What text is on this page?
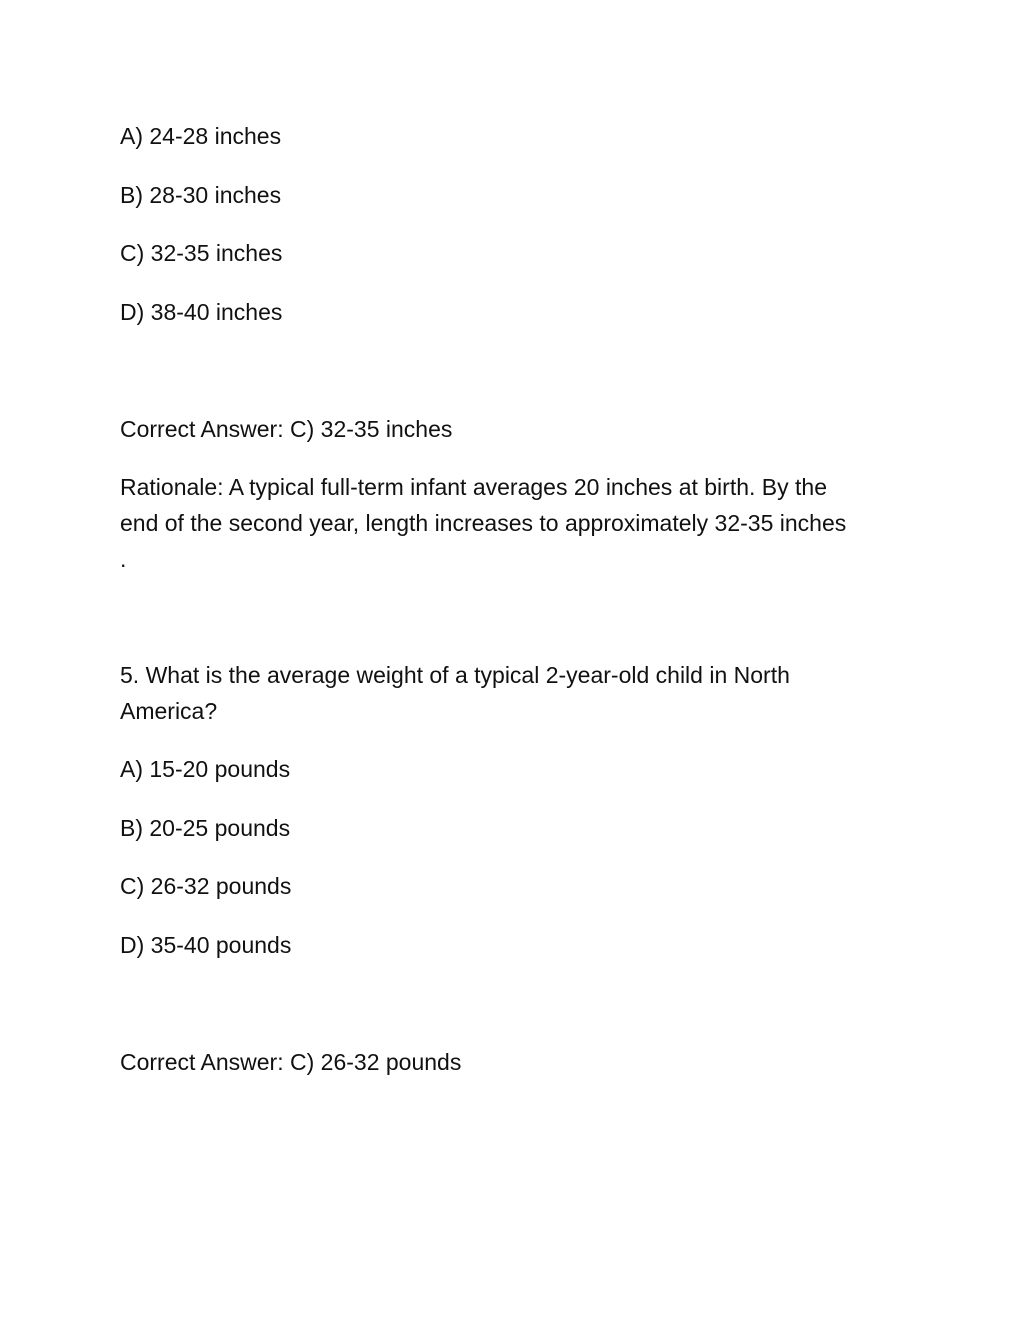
A) 24-28 inches
B) 28-30 inches
C) 32-35 inches
D) 38-40 inches
Correct Answer: C) 32-35 inches
Rationale: A typical full-term infant averages 20 inches at birth. By the
end of the second year, length increases to approximately 32-35 inches
.
5. What is the average weight of a typical 2-year-old child in North
America?
A) 15-20 pounds
B) 20-25 pounds
C) 26-32 pounds
D) 35-40 pounds
Correct Answer: C) 26-32 pounds
